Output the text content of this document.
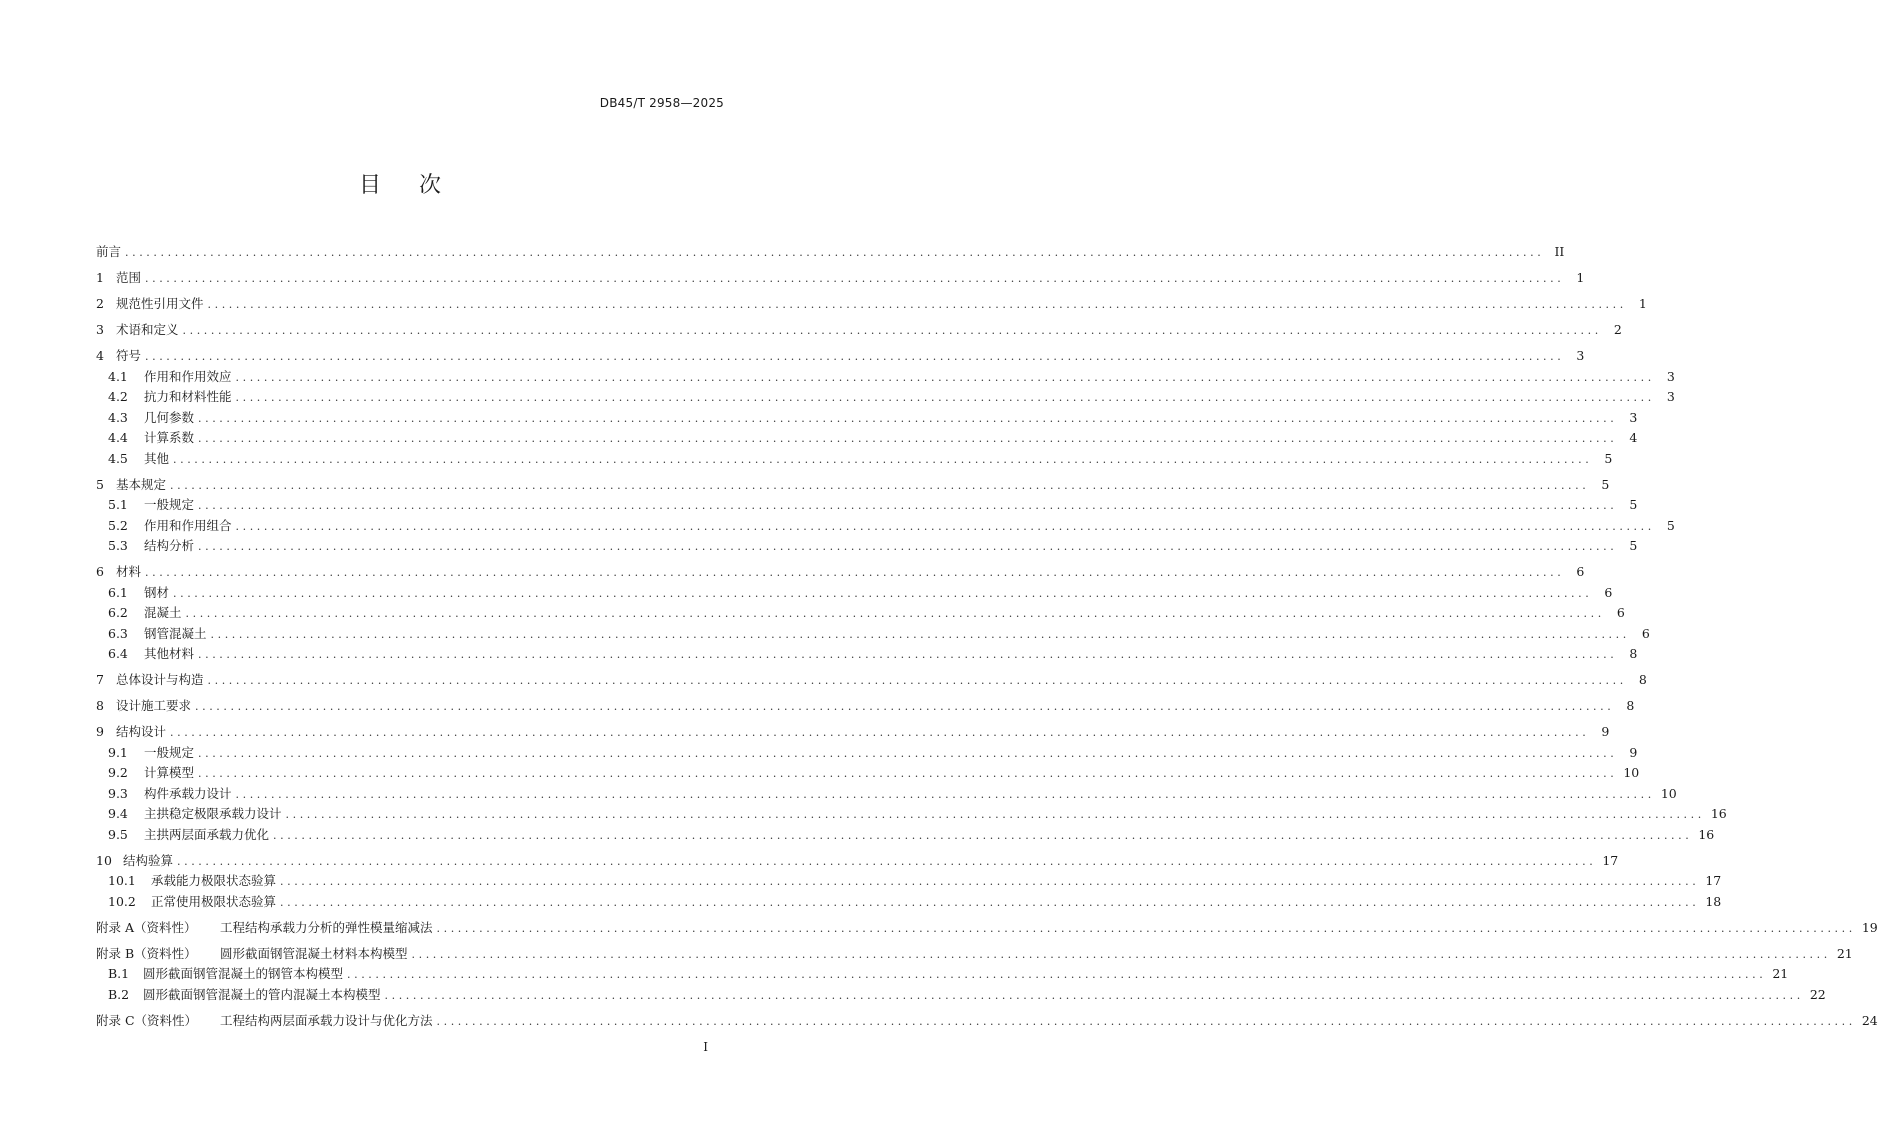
DB45/T 2958—2025
目次
前言 ........................................................................................................................................................................................................ II
1 范围 ........................................................................................................................................................................................................ 1
2 规范性引用文件 ........................................................................................................................................................................................................ 1
3 术语和定义 ........................................................................................................................................................................................................ 2
4 符号 ........................................................................................................................................................................................................ 3
4.1 作用和作用效应 ........................................................................................................................................................................................................ 3
4.2 抗力和材料性能 ........................................................................................................................................................................................................ 3
4.3 几何参数 ........................................................................................................................................................................................................ 3
4.4 计算系数 ........................................................................................................................................................................................................ 4
4.5 其他 ........................................................................................................................................................................................................ 5
5 基本规定 ........................................................................................................................................................................................................ 5
5.1 一般规定 ........................................................................................................................................................................................................ 5
5.2 作用和作用组合 ........................................................................................................................................................................................................ 5
5.3 结构分析 ........................................................................................................................................................................................................ 5
6 材料 ........................................................................................................................................................................................................ 6
6.1 钢材 ........................................................................................................................................................................................................ 6
6.2 混凝土 ........................................................................................................................................................................................................ 6
6.3 钢管混凝土 ........................................................................................................................................................................................................ 6
6.4 其他材料 ........................................................................................................................................................................................................ 8
7 总体设计与构造 ........................................................................................................................................................................................................ 8
8 设计施工要求 ........................................................................................................................................................................................................ 8
9 结构设计 ........................................................................................................................................................................................................ 9
9.1 一般规定 ........................................................................................................................................................................................................ 9
9.2 计算模型 ........................................................................................................................................................................................................ 10
9.3 构件承载力设计 ........................................................................................................................................................................................................ 10
9.4 主拱稳定极限承载力设计 ........................................................................................................................................................................................................ 16
9.5 主拱两层面承载力优化 ........................................................................................................................................................................................................ 16
10 结构验算 ........................................................................................................................................................................................................ 17
10.1 承载能力极限状态验算 ........................................................................................................................................................................................................ 17
10.2 正常使用极限状态验算 ........................................................................................................................................................................................................ 18
附录 A（资料性） 工程结构承载力分析的弹性模量缩减法 ........................................................................................................................................................................................................ 19
附录 B（资料性） 圆形截面钢管混凝土材料本构模型 ........................................................................................................................................................................................................ 21
B.1 圆形截面钢管混凝土的钢管本构模型 ........................................................................................................................................................................................................ 21
B.2 圆形截面钢管混凝土的管内混凝土本构模型 ........................................................................................................................................................................................................ 22
附录 C（资料性） 工程结构两层面承载力设计与优化方法 ........................................................................................................................................................................................................ 24
I
